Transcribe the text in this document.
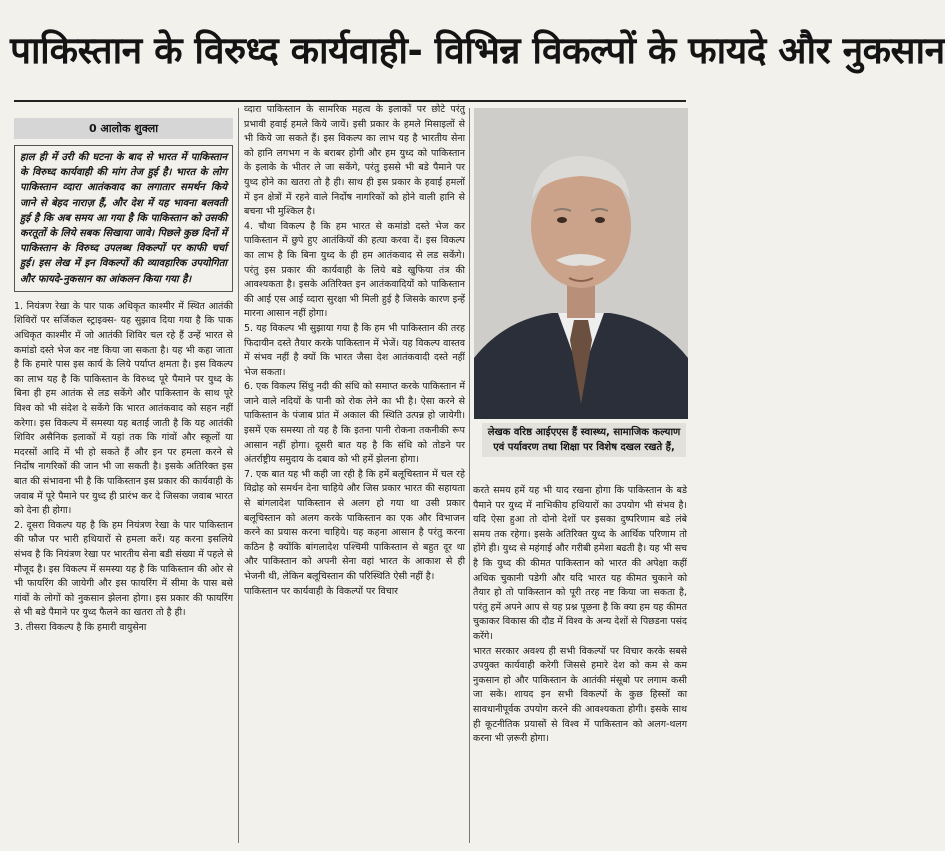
पाकिस्तान के विरुध्द कार्यवाही- विभिन्न विकल्पों के फायदे और नुकसान
0 आलोक शुक्ला
हाल ही में उरी की घटना के बाद से भारत में पाकिस्तान के विरुध्द कार्यवाही की मांग तेज हुई है। भारत के लोग पाकिस्तान व्दारा आतंकवाद का लगातार समर्थन किये जाने से बेहद नाराज़ हैं, और देश में यह भावना बलवती हुई है कि अब समय आ गया है कि पाकिस्तान को उसकी करतूतों के लिये सबक सिखाया जावे। पिछले कुछ दिनों में पाकिस्तान के विरुध्द उपलब्ध विकल्पों पर काफी चर्चा हुई। इस लेख में इन विकल्पों की व्यावहारिक उपयोगिता और फायदे-नुकसान का आंकलन किया गया है।

1. नियंत्रण रेखा के पार पाक अधिकृत काश्मीर में स्थित आतंकी शिविरों पर सर्जिकल स्ट्राइक्स- यह सुझाव दिया गया है कि पाक अधिकृत काश्मीर में जो आतंकी शिविर चल रहे हैं उन्हें भारत से कमांडो दस्ते भेज कर नष्ट किया जा सकता है। यह भी कहा जाता है कि हमारे पास इस कार्य के लिये पर्याप्त क्षमता है। इस विकल्प का लाभ यह है कि पाकिस्तान के विरुध्द पूरे पैमाने पर युध्द के बिना ही हम आतंक से लड सकेंगे और पाकिस्तान के साथ पूरे विश्व को भी संदेश दे सकेंगे कि भारत आतंकवाद को सहन नहीं करेगा। इस विकल्प में समस्या यह बताई जाती है कि यह आतंकी शिविर असैनिक इलाकों में यहां तक कि गांवों और स्कूलों या मदरसों आदि में भी हो सकते हैं और इन पर हमला करने से निर्दोष नागरिकों की जान भी जा सकती है। इसके अतिरिक्त इस बात की संभावना भी है कि पाकिस्तान इस प्रकार की कार्यवाही के जवाब में पूरे पैमाने पर युध्द ही प्रारंभ कर दे जिसका जवाब भारत को देना ही होगा।

2. दूसरा विकल्प यह है कि हम नियंत्रण रेखा के पार पाकिस्तान की फौज पर भारी हथियारों से हमला करें। यह करना इसलिये संभव है कि नियंत्रण रेखा पर भारतीय सेना बडी संख्या में पहले से मौजूद है। इस विकल्प में समस्या यह है कि पाकिस्तान की ओर से भी फायरिंग की जायेगी और इस फायरिंग में सीमा के पास बसे गांवों के लोगों को नुकसान झेलना होगा। इस प्रकार की फायरिंग से भी बडे पैमाने पर युध्द फैलने का खतरा तो है ही।

3. तीसरा विकल्प है कि हमारी वायुसेना

व्दारा पाकिस्तान के सामरिक महत्व के इलाकों पर छोटे परंतु प्रभावी हवाई हमले किये जायें। इसी प्रकार के हमले मिसाइलों से भी किये जा सकते हैं। इस विकल्प का लाभ यह है भारतीय सेना को हानि लगभग न के बराबर होगी और हम युध्द को पाकिस्तान के इलाके के भीतर ले जा सकेंगे, परंतु इससे भी बडे पैमाने पर युध्द होने का खतरा तो है ही। साथ ही इस प्रकार के हवाई हमलों में इन क्षेत्रों में रहने वाले निर्दोष नागरिकों को होने वाली हानि से बचना भी मुश्किल है।

4. चौथा विकल्प है कि हम भारत से कमांडो दस्ते भेज कर पाकिस्तान में छुपे हुए आतंकियों की हत्या करवा दें। इस विकल्प का लाभ है कि बिना युध्द के ही हम आतंकवाद से लड सकेंगे। परंतु इस प्रकार की कार्यवाही के लिये बडे खुफिया तंत्र की आवश्यकता है। इसके अतिरिक्त इन आतंकवादियों को पाकिस्तान की आई एस आई व्दारा सुरक्षा भी मिली हुई है जिसके कारण इन्हें मारना आसान नहीं होगा।

5. यह विकल्प भी सुझाया गया है कि हम भी पाकिस्तान की तरह फिदायीन दस्ते तैयार करके पाकिस्तान में भेजें। यह विकल्प वास्तव में संभव नहीं है क्यों कि भारत जैसा देश आतंकवादी दस्ते नहीं भेज सकता।

6. एक विकल्प सिंधु नदी की संधि को समाप्त करके पाकिस्तान में जाने वाले नदियों के पानी को रोक लेने का भी है। ऐसा करने से पाकिस्तान के पंजाब प्रांत में अकाल की स्थिति उत्पन्न हो जायेगी। इसमें एक समस्या तो यह है कि इतना पानी रोकना तकनीकी रूप आसान नहीं होगा। दूसरी बात यह है कि संधि को तोडने पर अंतर्राष्ट्रीय समुदाय के दबाव को भी हमें झेलना होगा।

7. एक बात यह भी कही जा रही है कि हमें बलूचिस्तान में चल रहे विद्रोह को समर्थन देना चाहिये और जिस प्रकार भारत की सहायता से बांगलादेश पाकिस्तान से अलग हो गया था उसी प्रकार बलूचिस्तान को अलग करके पाकिस्तान का एक और विभाजन करने का प्रयास करना चाहिये। यह कहना आसान है परंतु करना कठिन है क्योंकि बांगलादेश पश्चिमी पाकिस्तान से बहुत दूर था और पाकिस्तान को अपनी सेना वहां भारत के आकाश से ही भेजनी थी, लेकिन बलूचिस्तान की परिस्थिति ऐसी नहीं है।

पाकिस्तान पर कार्यवाही के विकल्पों पर विचार

लेखक वरिष्ठ आईएएस हैं स्वास्थ्य, सामाजिक कल्याण एवं पर्यावरण तथा शिक्षा पर विशेष दखल रखते हैं,

करते समय हमें यह भी याद रखना होगा कि पाकिस्तान के बडे पैमाने पर युध्द में नाभिकीय हथियारों का उपयोग भी संभव है। यदि ऐसा हुआ तो दोनो देशों पर इसका दुष्परिणाम बडे लंबे समय तक रहेगा। इसके अतिरिक्त युध्द के आर्थिक परिणाम तो होंगे ही। युध्द से महंगाई और गरीबी हमेशा बढती है। यह भी सच है कि युध्द की कीमत पाकिस्तान को भारत की अपेक्षा कहीं अधिक चुकानी पडेगी और यदि भारत यह कीमत चुकाने को तैयार हो तो पाकिस्तान को पूरी तरह नष्ट किया जा सकता है, परंतु हमें अपने आप से यह प्रश्न पूछना है कि क्या हम यह कीमत चुकाकर विकास की दौड में विश्व के अन्य देशों से पिछडना पसंद करेंगे।

भारत सरकार अवश्य ही सभी विकल्पों पर विचार करके सबसे उपयुक्त कार्यवाही करेगी जिससे हमारे देश को कम से कम नुकसान हो और पाकिस्तान के आतंकी मंसूबो पर लगाम कसी जा सके। शायद इन सभी विकल्पों के कुछ हिस्सों का सावधानीपूर्वक उपयोग करने की आवश्यकता होगी। इसके साथ ही कूटनीतिक प्रयासों से विश्व में पाकिस्तान को अलग-थलग करना भी ज़रूरी होगा।
